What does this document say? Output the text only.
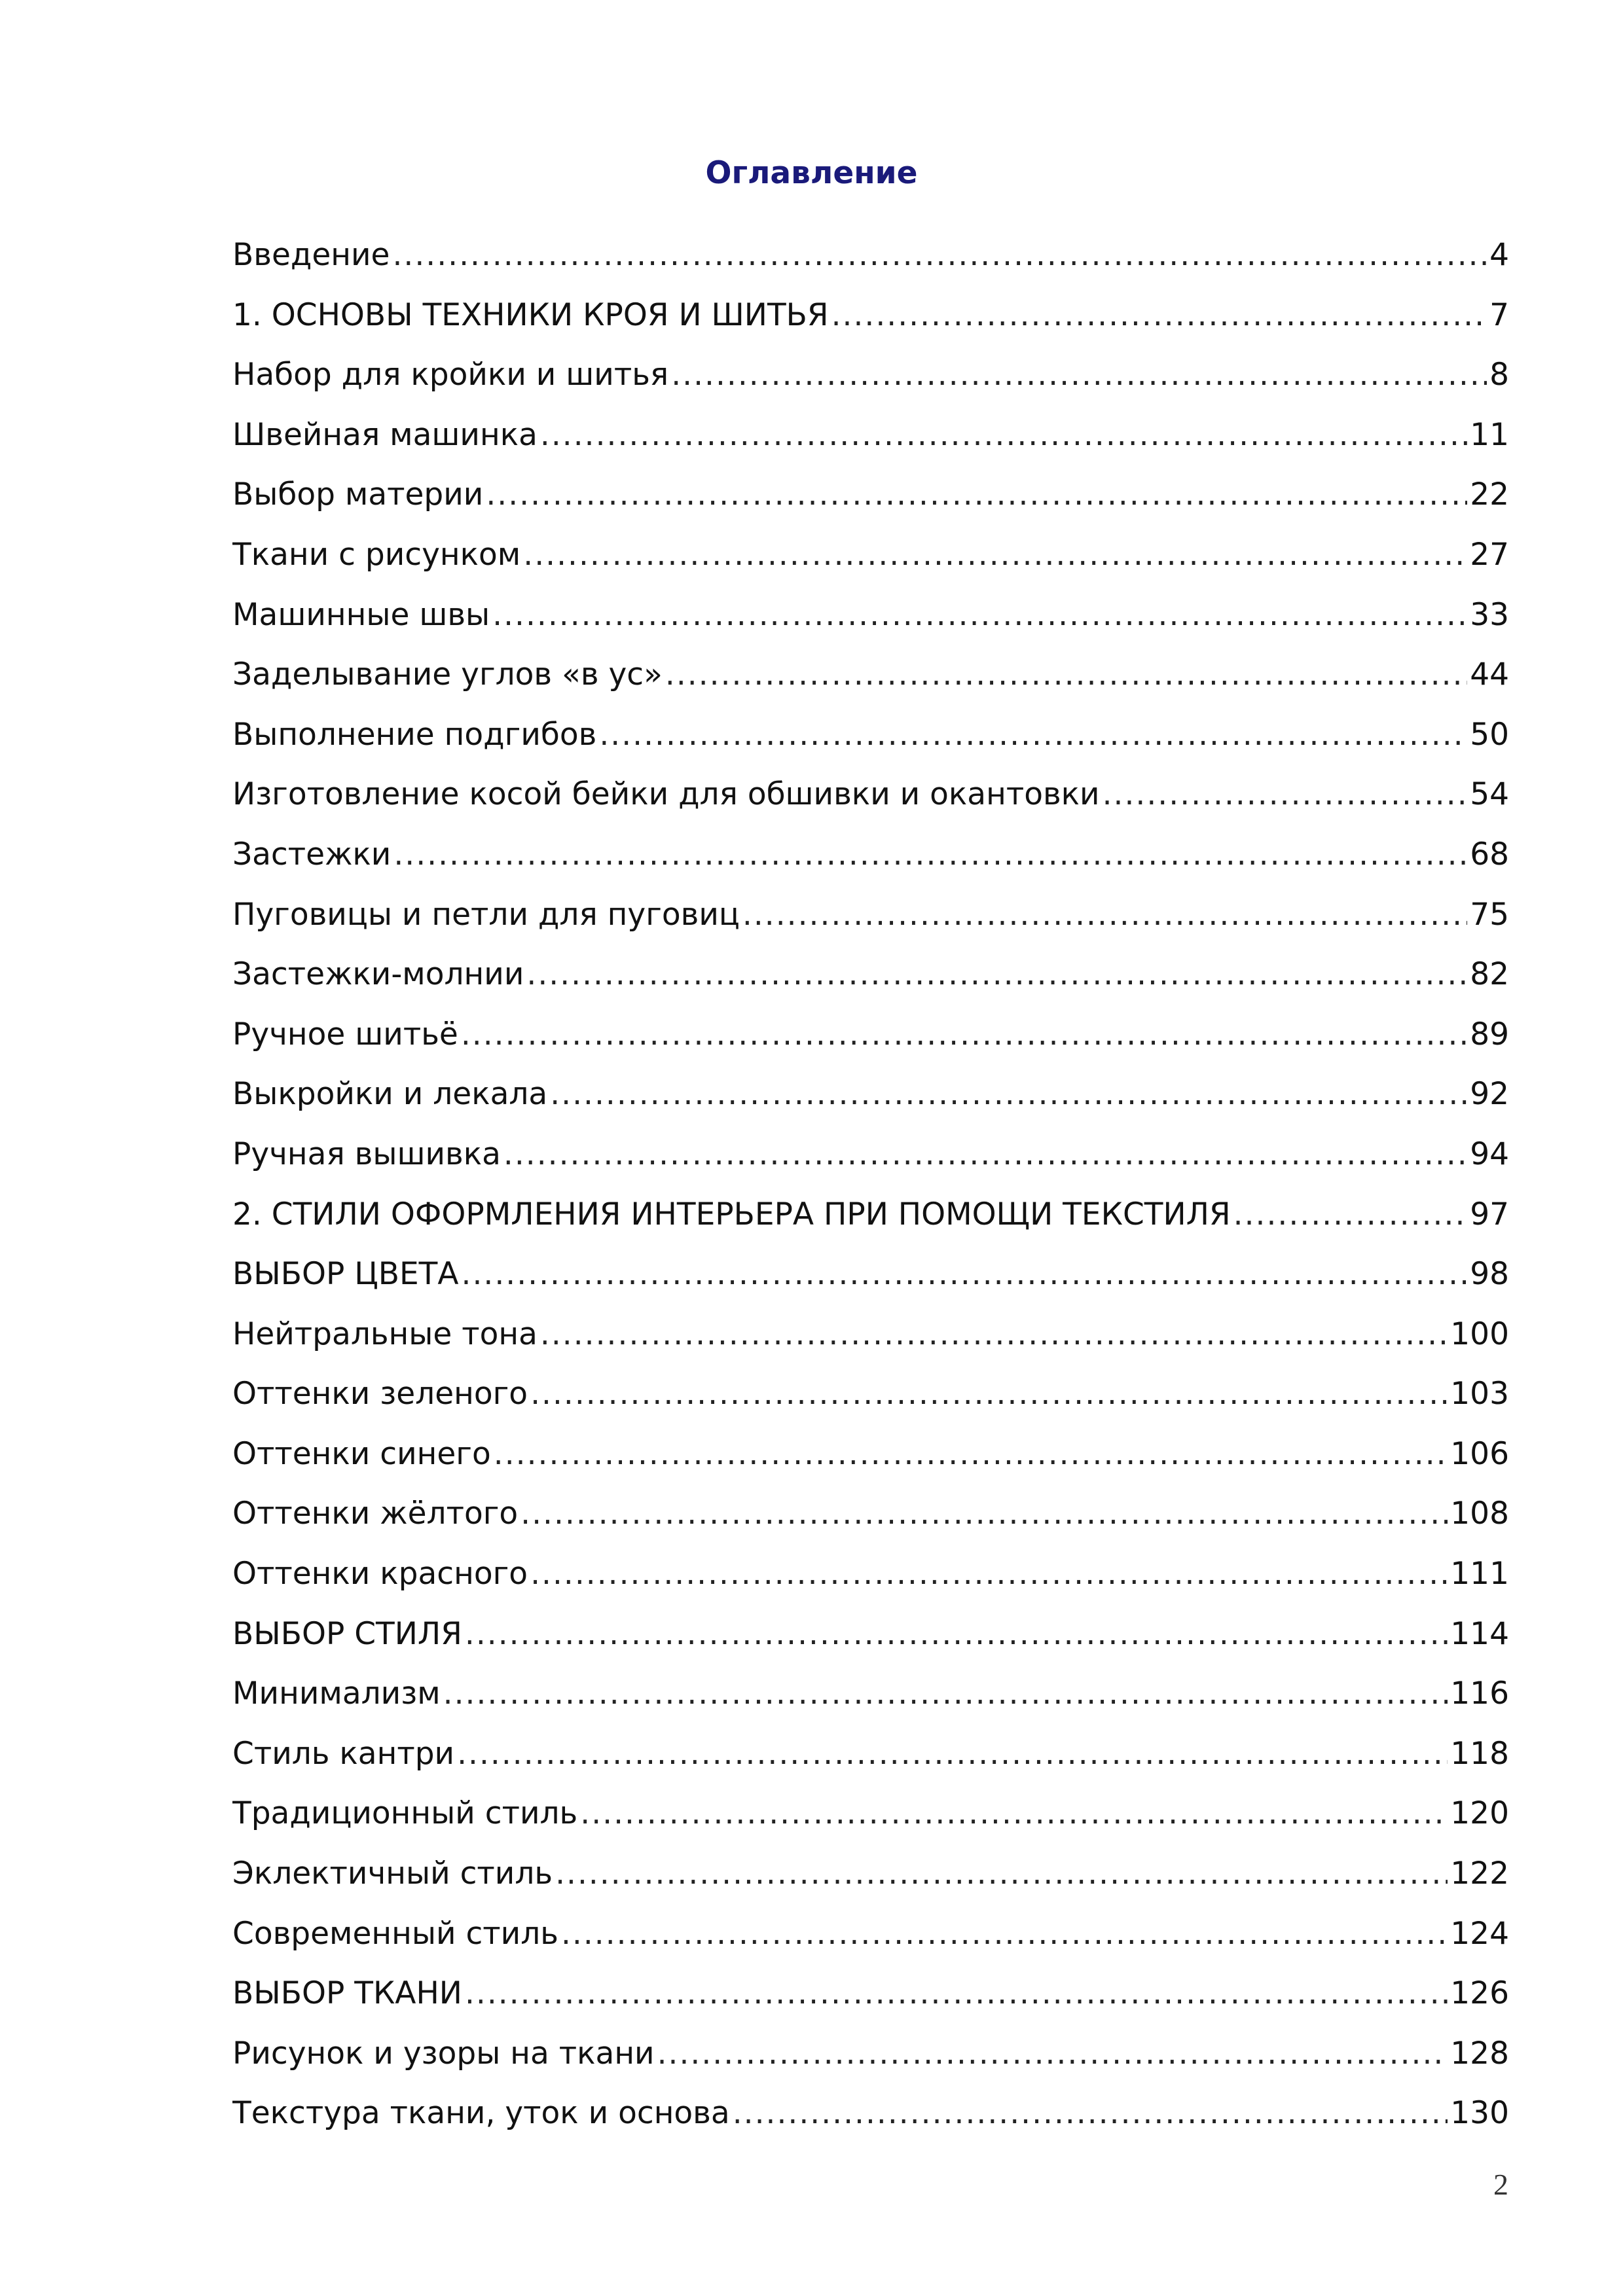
Оглавление
Введение .....	4
1. ОСНОВЫ ТЕХНИКИ КРОЯ И ШИТЬЯ .....	7
Набор для кройки и шитья .....	8
Швейная машинка .....	11
Выбор материи .....	22
Ткани с рисунком .....	27
Машинные швы .....	33
Заделывание углов «в ус» .....	44
Выполнение подгибов .....	50
Изготовление косой бейки для обшивки и окантовки .....	54
Застежки .....	68
Пуговицы и петли для пуговиц .....	75
Застежки-молнии .....	82
Ручное шитьё .....	89
Выкройки и лекала .....	92
Ручная вышивка .....	94
2. СТИЛИ ОФОРМЛЕНИЯ ИНТЕРЬЕРА ПРИ ПОМОЩИ ТЕКСТИЛЯ .....	97
ВЫБОР ЦВЕТА .....	98
Нейтральные тона .....	100
Оттенки зеленого .....	103
Оттенки синего .....	106
Оттенки жёлтого .....	108
Оттенки красного .....	111
ВЫБОР СТИЛЯ .....	114
Минимализм .....	116
Стиль кантри .....	118
Традиционный стиль .....	120
Эклектичный стиль .....	122
Современный стиль .....	124
ВЫБОР ТКАНИ .....	126
Рисунок и узоры на ткани .....	128
Текстура ткани, уток и основа .....	130

2
